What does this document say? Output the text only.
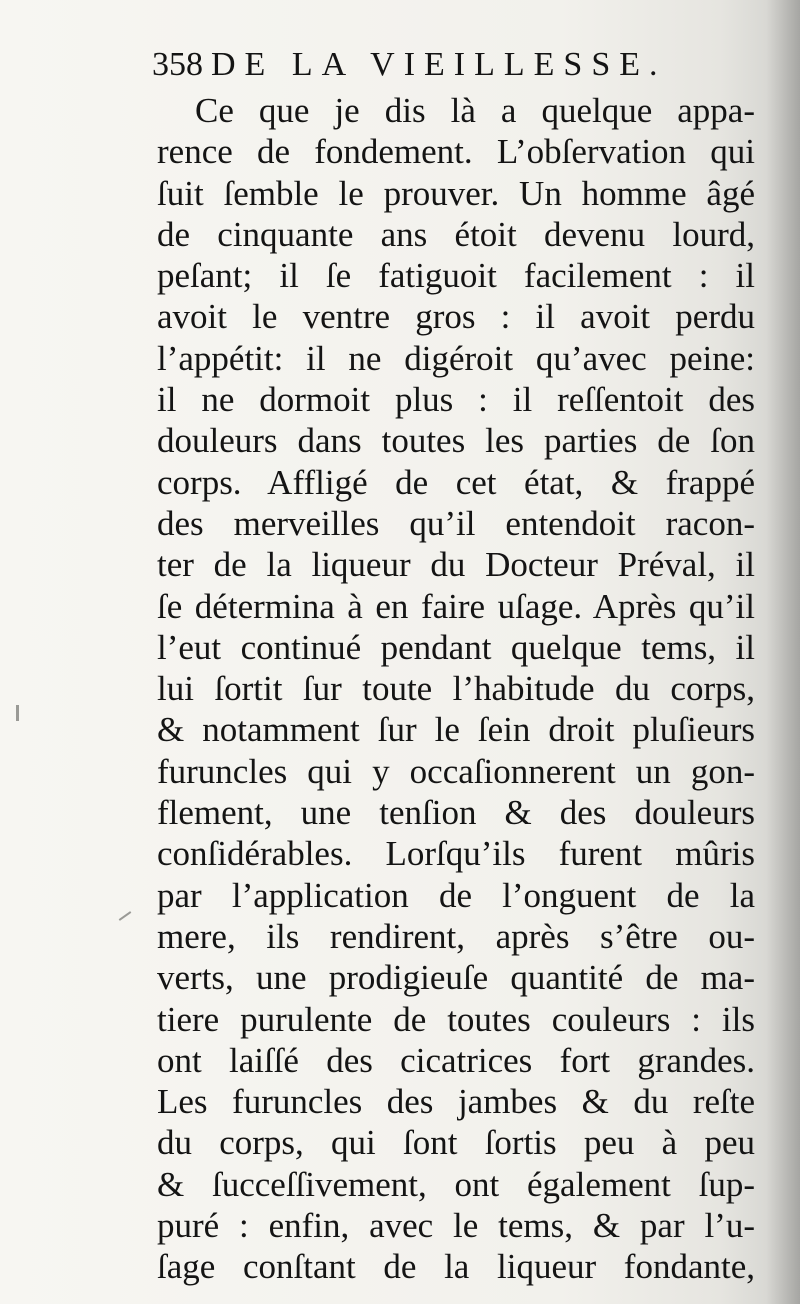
358 DE LA VIEILLESSE.
Ce que je dis là a quelque appa-
rence de fondement. L’obſervation qui
ſuit ſemble le prouver. Un homme âgé
de cinquante ans étoit devenu lourd,
peſant; il ſe fatiguoit facilement : il
avoit le ventre gros : il avoit perdu
l’appétit: il ne digéroit qu’avec peine:
il ne dormoit plus : il reſſentoit des
douleurs dans toutes les parties de ſon
corps. Affligé de cet état, & frappé
des merveilles qu’il entendoit racon-
ter de la liqueur du Docteur Préval, il
ſe détermina à en faire uſage. Après qu’il
l’eut continué pendant quelque tems, il
lui ſortit ſur toute l’habitude du corps,
& notamment ſur le ſein droit pluſieurs
furuncles qui y occaſionnerent un gon-
flement, une tenſion & des douleurs
conſidérables. Lorſqu’ils furent mûris
par l’application de l’onguent de la
mere, ils rendirent, après s’être ou-
verts, une prodigieuſe quantité de ma-
tiere purulente de toutes couleurs : ils
ont laiſſé des cicatrices fort grandes.
Les furuncles des jambes & du reſte
du corps, qui ſont ſortis peu à peu
& ſucceſſivement, ont également ſup-
puré : enfin, avec le tems, & par l’u-
ſage conſtant de la liqueur fondante,
